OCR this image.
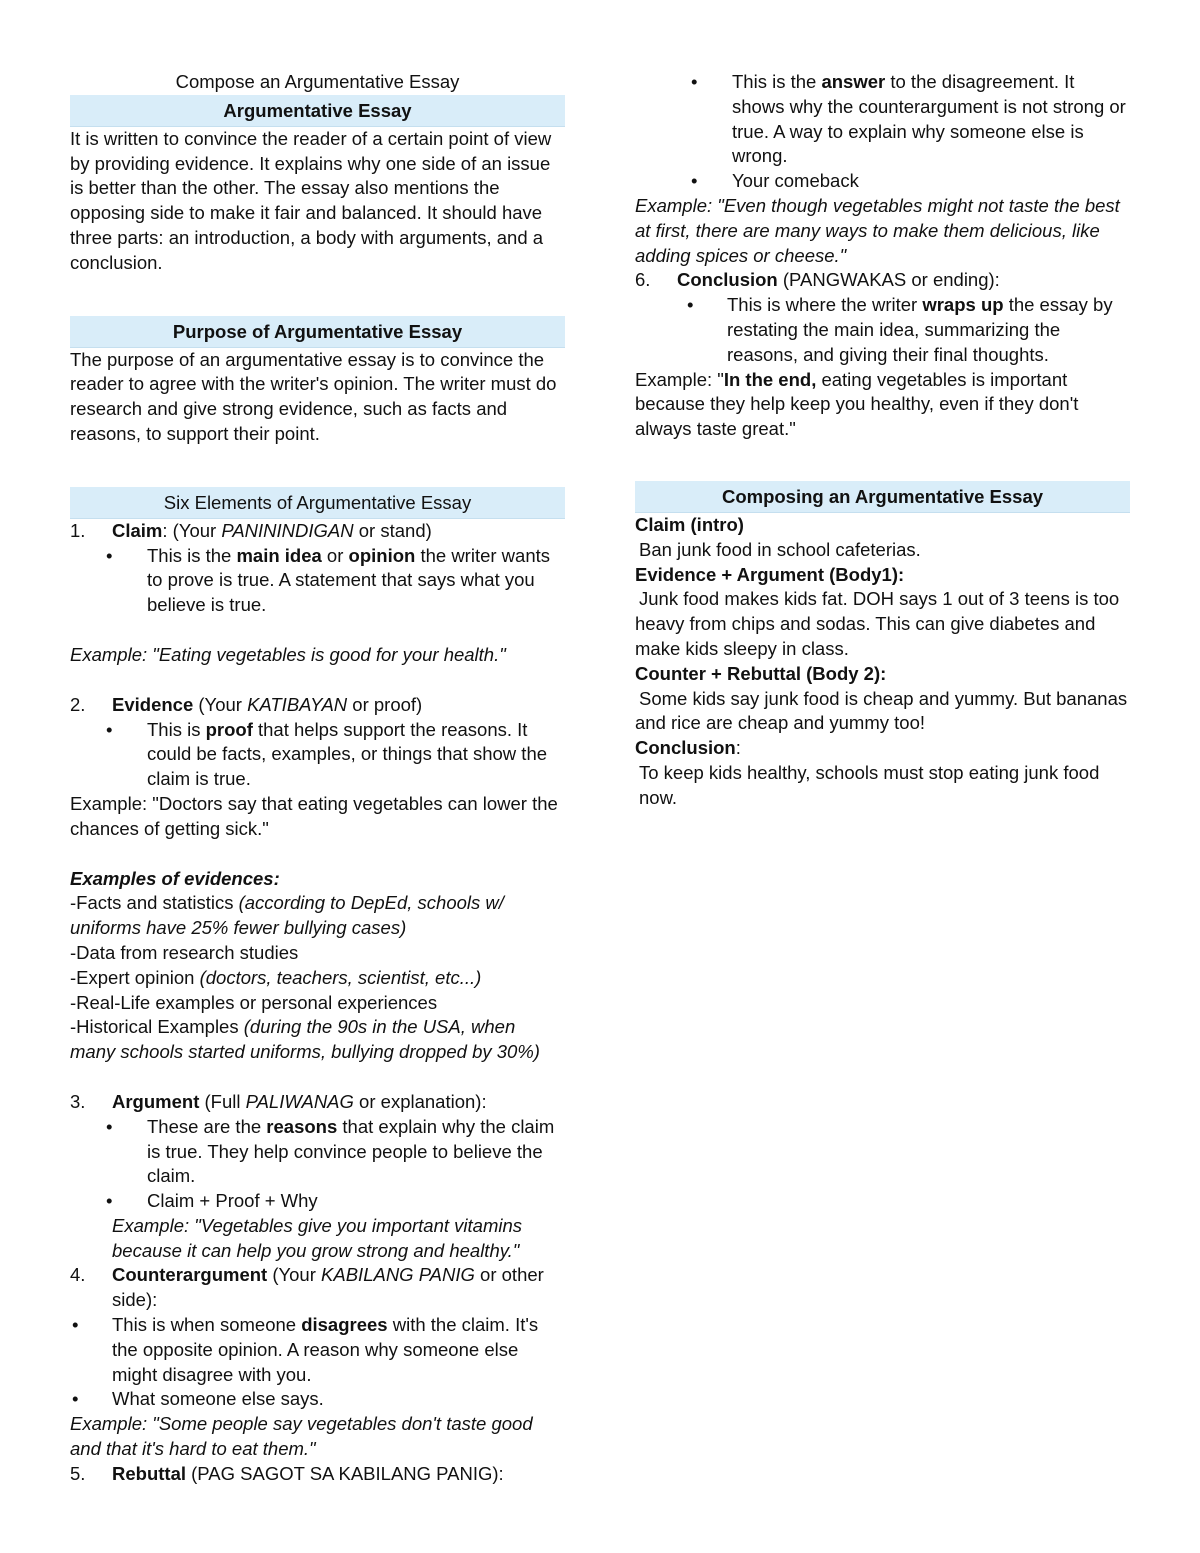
Compose an Argumentative Essay

Argumentative Essay

It is written to convince the reader of a certain point of view by providing evidence. It explains why one side of an issue is better than the other. The essay also mentions the opposing side to make it fair and balanced. It should have three parts: an introduction, a body with arguments, and a conclusion.

Purpose of Argumentative Essay

The purpose of an argumentative essay is to convince the reader to agree with the writer's opinion. The writer must do research and give strong evidence, such as facts and reasons, to support their point.

Six Elements of Argumentative Essay
1. Claim: (Your PANININDIGAN or stand)
• This is the main idea or opinion the writer wants to prove is true. A statement that says what you believe is true.

Example: "Eating vegetables is good for your health."

2. Evidence (Your KATIBAYAN or proof)
• This is proof that helps support the reasons. It could be facts, examples, or things that show the claim is true.

Example: "Doctors say that eating vegetables can lower the chances of getting sick."

Examples of evidences:

-Facts and statistics (according to DepEd, schools w/ uniforms have 25% fewer bullying cases)

-Data from research studies

-Expert opinion (doctors, teachers, scientist, etc...)

-Real-Life examples or personal experiences

-Historical Examples (during the 90s in the USA, when many schools started uniforms, bullying dropped by 30%)

3. Argument (Full PALIWANAG or explanation):
• These are the reasons that explain why the claim is true. They help convince people to believe the claim.
• Claim + Proof + Why

Example: "Vegetables give you important vitamins because it can help you grow strong and healthy."

4. Counterargument (Your KABILANG PANIG or other side):
• This is when someone disagrees with the claim. It's the opposite opinion. A reason why someone else might disagree with you.
• What someone else says.

Example: "Some people say vegetables don't taste good and that it's hard to eat them."

5. Rebuttal (PAG SAGOT SA KABILANG PANIG):
• This is the answer to the disagreement. It shows why the counterargument is not strong or true. A way to explain why someone else is wrong.
• Your comeback

Example: "Even though vegetables might not taste the best at first, there are many ways to make them delicious, like adding spices or cheese."

6. Conclusion (PANGWAKAS or ending):
• This is where the writer wraps up the essay by restating the main idea, summarizing the reasons, and giving their final thoughts.

Example: "In the end, eating vegetables is important because they help keep you healthy, even if they don't always taste great."

Composing an Argumentative Essay

Claim (intro)

Ban junk food in school cafeterias.

Evidence + Argument (Body1):

Junk food makes kids fat. DOH says 1 out of 3 teens is too heavy from chips and sodas. This can give diabetes and make kids sleepy in class.

Counter + Rebuttal (Body 2):

Some kids say junk food is cheap and yummy. But bananas and rice are cheap and yummy too!

Conclusion:

To keep kids healthy, schools must stop eating junk food now.
